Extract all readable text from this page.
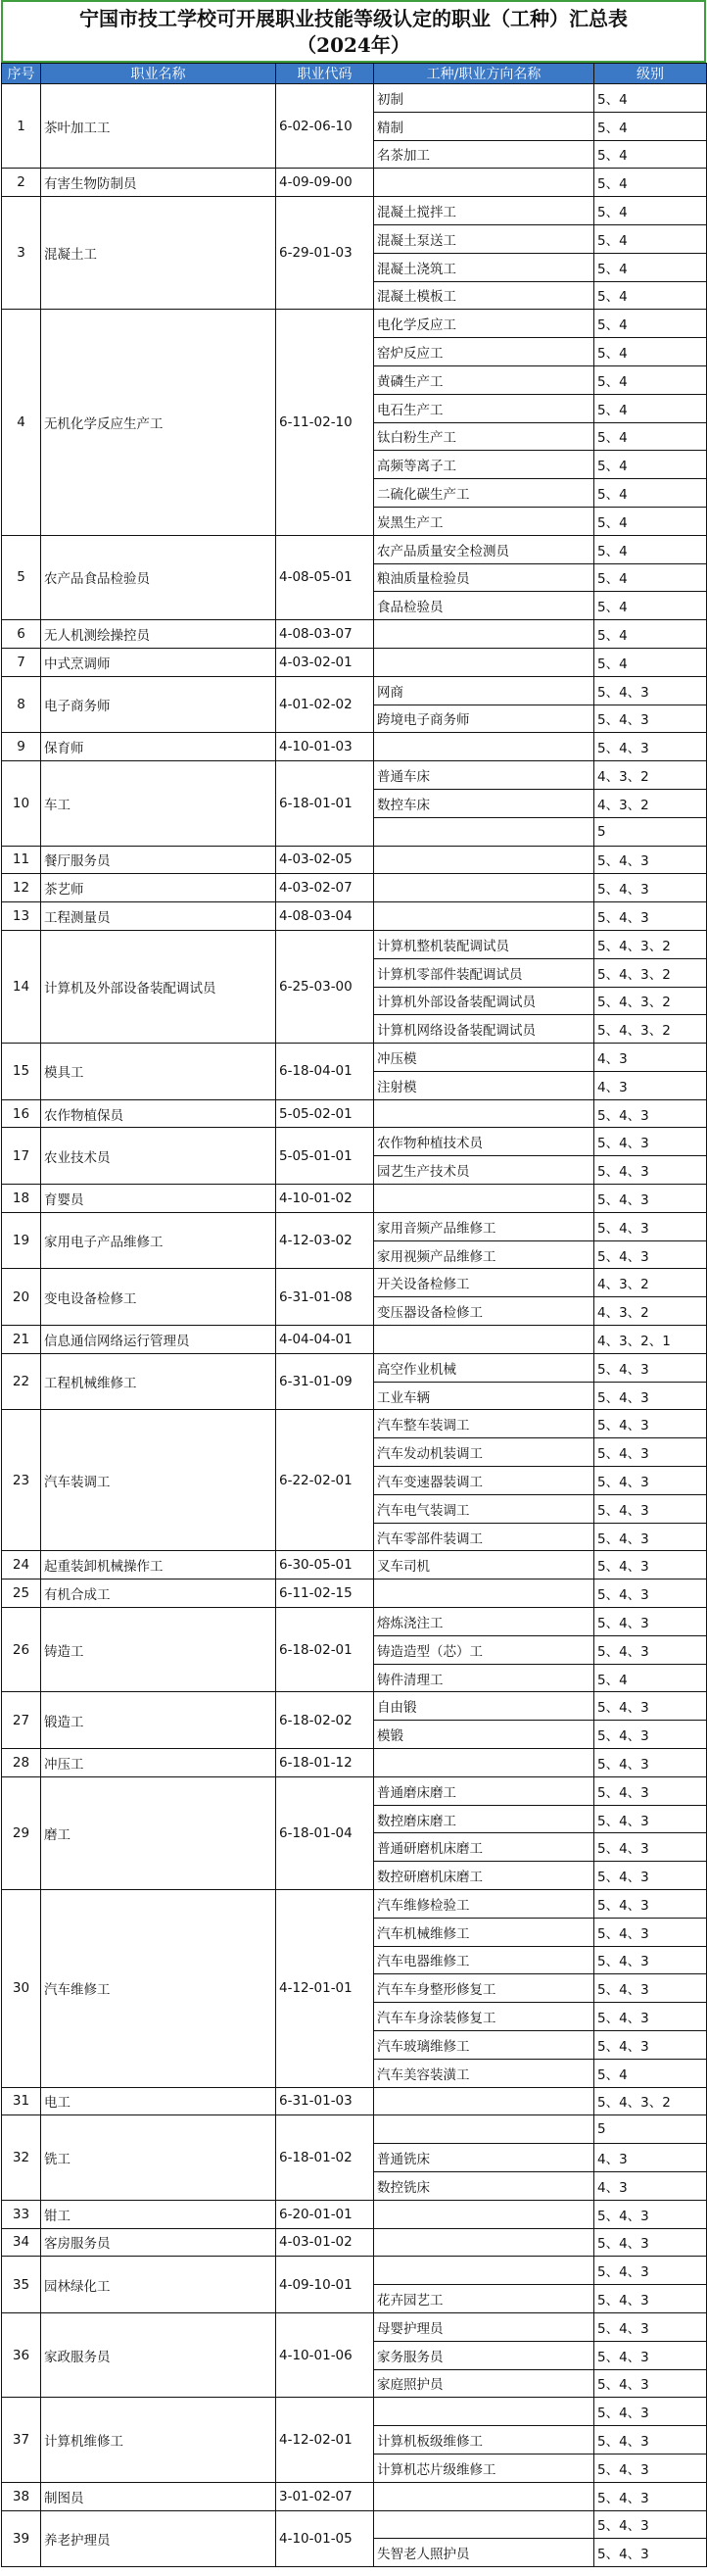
宁国市技工学校可开展职业技能等级认定的职业（工种）汇总表
（2024年）
序号	职业名称	职业代码	工种/职业方向名称	级别
1	茶叶加工工	6-02-06-10	初制	5、4
			精制	5、4
			名茶加工	5、4
2	有害生物防制员	4-09-09-00		5、4
3	混凝土工	6-29-01-03	混凝土搅拌工	5、4
			混凝土泵送工	5、4
			混凝土浇筑工	5、4
			混凝土模板工	5、4
4	无机化学反应生产工	6-11-02-10	电化学反应工	5、4
			窑炉反应工	5、4
			黄磷生产工	5、4
			电石生产工	5、4
			钛白粉生产工	5、4
			高频等离子工	5、4
			二硫化碳生产工	5、4
			炭黑生产工	5、4
5	农产品食品检验员	4-08-05-01	农产品质量安全检测员	5、4
			粮油质量检验员	5、4
			食品检验员	5、4
6	无人机测绘操控员	4-08-03-07		5、4
7	中式烹调师	4-03-02-01		5、4
8	电子商务师	4-01-02-02	网商	5、4、3
			跨境电子商务师	5、4、3
9	保育师	4-10-01-03		5、4、3
10	车工	6-18-01-01	普通车床	4、3、2
			数控车床	4、3、2
				5
11	餐厅服务员	4-03-02-05		5、4、3
12	茶艺师	4-03-02-07		5、4、3
13	工程测量员	4-08-03-04		5、4、3
14	计算机及外部设备装配调试员	6-25-03-00	计算机整机装配调试员	5、4、3、2
			计算机零部件装配调试员	5、4、3、2
			计算机外部设备装配调试员	5、4、3、2
			计算机网络设备装配调试员	5、4、3、2
15	模具工	6-18-04-01	冲压模	4、3
			注射模	4、3
16	农作物植保员	5-05-02-01		5、4、3
17	农业技术员	5-05-01-01	农作物种植技术员	5、4、3
			园艺生产技术员	5、4、3
18	育婴员	4-10-01-02		5、4、3
19	家用电子产品维修工	4-12-03-02	家用音频产品维修工	5、4、3
			家用视频产品维修工	5、4、3
20	变电设备检修工	6-31-01-08	开关设备检修工	4、3、2
			变压器设备检修工	4、3、2
21	信息通信网络运行管理员	4-04-04-01		4、3、2、1
22	工程机械维修工	6-31-01-09	高空作业机械	5、4、3
			工业车辆	5、4、3
23	汽车装调工	6-22-02-01	汽车整车装调工	5、4、3
			汽车发动机装调工	5、4、3
			汽车变速器装调工	5、4、3
			汽车电气装调工	5、4、3
			汽车零部件装调工	5、4、3
24	起重装卸机械操作工	6-30-05-01	叉车司机	5、4、3
25	有机合成工	6-11-02-15		5、4、3
26	铸造工	6-18-02-01	熔炼浇注工	5、4、3
			铸造造型（芯）工	5、4、3
			铸件清理工	5、4
27	锻造工	6-18-02-02	自由锻	5、4、3
			模锻	5、4、3
28	冲压工	6-18-01-12		5、4、3
29	磨工	6-18-01-04	普通磨床磨工	5、4、3
			数控磨床磨工	5、4、3
			普通研磨机床磨工	5、4、3
			数控研磨机床磨工	5、4、3
30	汽车维修工	4-12-01-01	汽车维修检验工	5、4、3
			汽车机械维修工	5、4、3
			汽车电器维修工	5、4、3
			汽车车身整形修复工	5、4、3
			汽车车身涂装修复工	5、4、3
			汽车玻璃维修工	5、4、3
			汽车美容装潢工	5、4
31	电工	6-31-01-03		5、4、3、2
32	铣工	6-18-01-02		5
			普通铣床	4、3
			数控铣床	4、3
33	钳工	6-20-01-01		5、4、3
34	客房服务员	4-03-01-02		5、4、3
35	园林绿化工	4-09-10-01		5、4、3
			花卉园艺工	5、4、3
36	家政服务员	4-10-01-06	母婴护理员	5、4、3
			家务服务员	5、4、3
			家庭照护员	5、4、3
37	计算机维修工	4-12-02-01		5、4、3
			计算机板级维修工	5、4、3
			计算机芯片级维修工	5、4、3
38	制图员	3-01-02-07		5、4、3
39	养老护理员	4-10-01-05		5、4、3
			失智老人照护员	5、4、3
